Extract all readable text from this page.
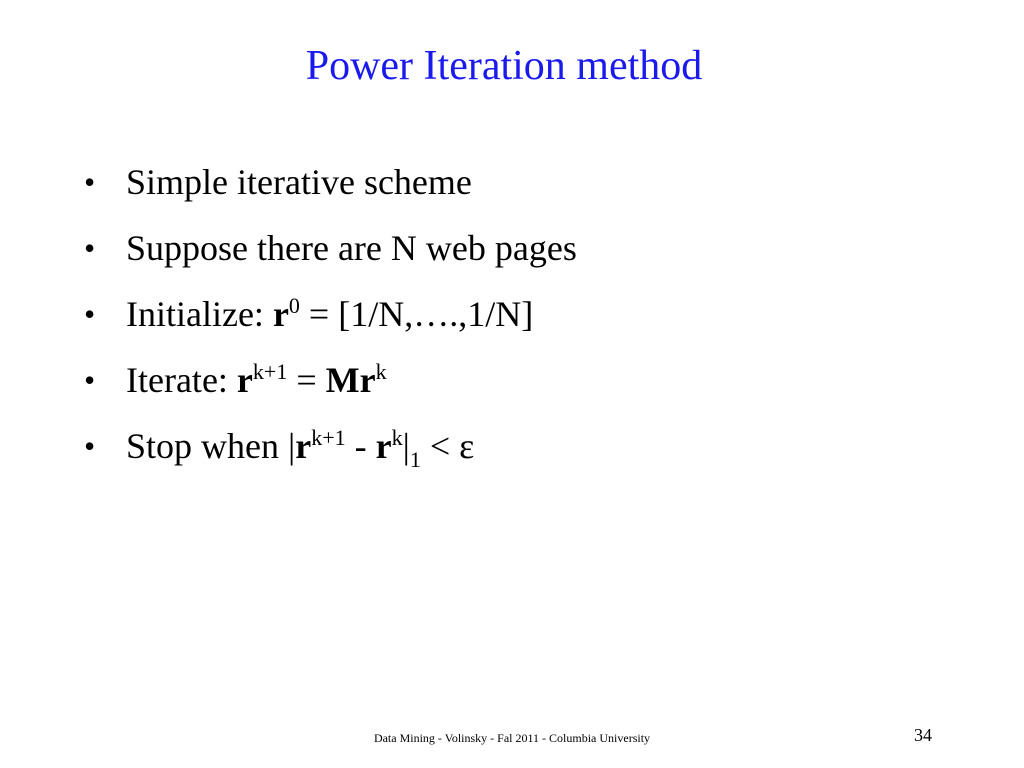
Power Iteration method
• Simple iterative scheme
• Suppose there are N web pages
• Initialize: $r^0$ = [1/N,….,1/N]
• Iterate: $r^{k+1} = Mr^k$
• Stop when $|r^{k+1} - r^k|_1 < \varepsilon$
Data Mining - Volinsky - Fal 2011 - Columbia University	34
